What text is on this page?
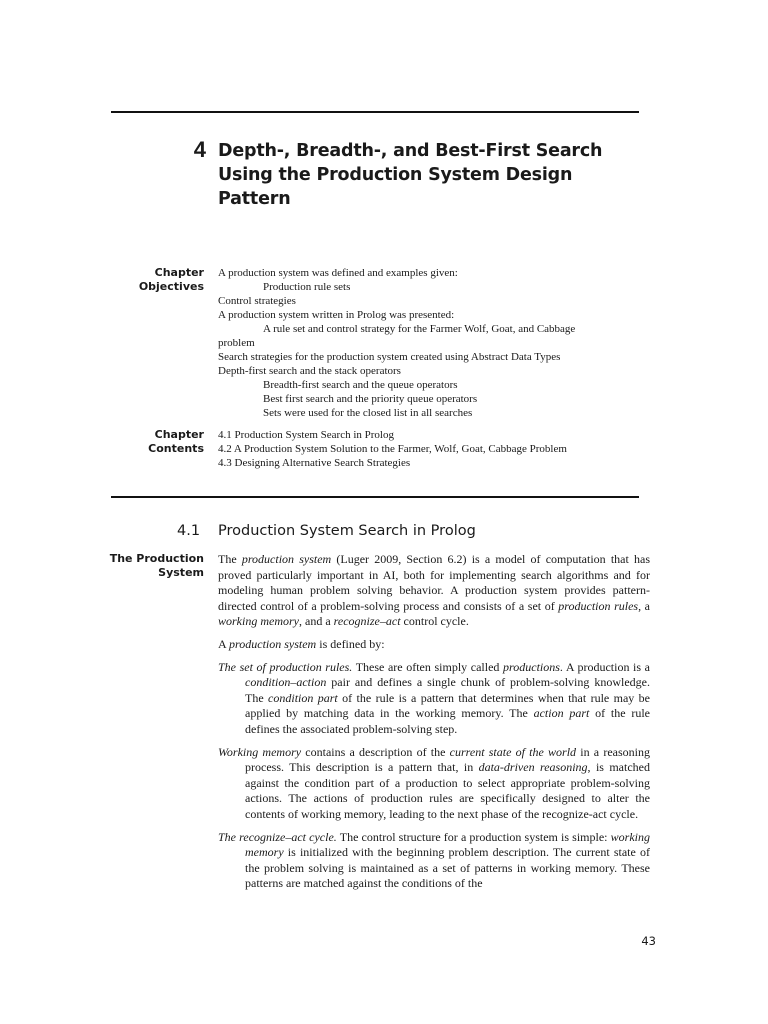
4 Depth-, Breadth-, and Best-First Search Using the Production System Design Pattern
Chapter
Objectives
A production system was defined and examples given:
Production rule sets
Control strategies
A production system written in Prolog was presented:
A rule set and control strategy for the Farmer Wolf, Goat, and Cabbage
problem
Search strategies for the production system created using Abstract Data Types
Depth-first search and the stack operators
Breadth-first search and the queue operators
Best first search and the priority queue operators
Sets were used for the closed list in all searches
Chapter
Contents
4.1 Production System Search in Prolog
4.2 A Production System Solution to the Farmer, Wolf, Goat, Cabbage Problem
4.3 Designing Alternative Search Strategies
4.1 Production System Search in Prolog
The Production
System

The production system (Luger 2009, Section 6.2) is a model of computation that has proved particularly important in AI, both for implementing search algorithms and for modeling human problem solving behavior. A production system provides pattern-directed control of a problem-solving process and consists of a set of production rules, a working memory, and a recognize–act control cycle.

A production system is defined by:

The set of production rules. These are often simply called productions. A production is a condition–action pair and defines a single chunk of problem-solving knowledge. The condition part of the rule is a pattern that determines when that rule may be applied by matching data in the working memory. The action part of the rule defines the associated problem-solving step.

Working memory contains a description of the current state of the world in a reasoning process. This description is a pattern that, in data-driven reasoning, is matched against the condition part of a production to select appropriate problem-solving actions. The actions of production rules are specifically designed to alter the contents of working memory, leading to the next phase of the recognize-act cycle.

The recognize–act cycle. The control structure for a production system is simple: working memory is initialized with the beginning problem description. The current state of the problem solving is maintained as a set of patterns in working memory. These patterns are matched against the conditions of the

43
